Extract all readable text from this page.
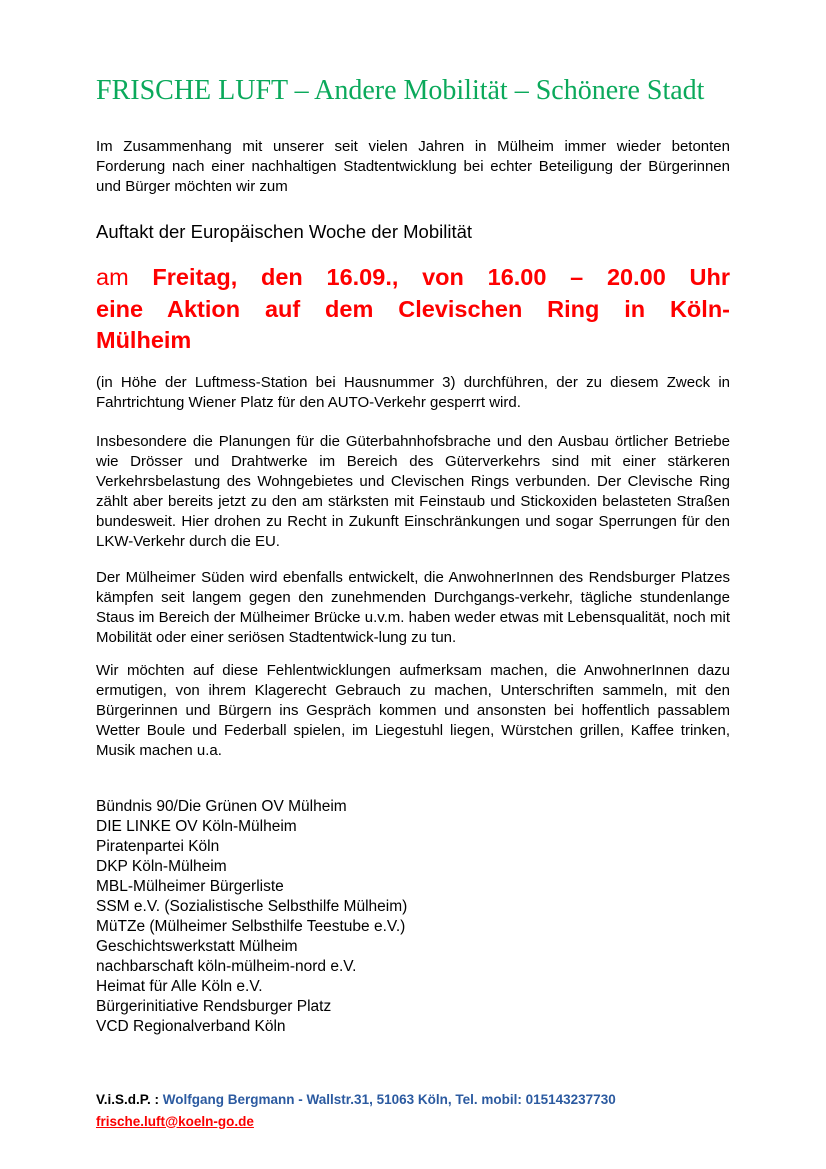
FRISCHE LUFT – Andere Mobilität – Schönere Stadt

Im Zusammenhang mit unserer seit vielen Jahren in Mülheim immer wieder betonten Forderung nach einer nachhaltigen Stadtentwicklung bei echter Beteiligung der Bürgerinnen und Bürger möchten wir zum

Auftakt der Europäischen Woche der Mobilität
am Freitag, den 16.09., von 16.00 – 20.00 Uhr
eine Aktion auf dem Clevischen Ring in Köln-
Mülheim

(in Höhe der Luftmess-Station bei Hausnummer 3) durchführen, der zu diesem Zweck in Fahrtrichtung Wiener Platz für den AUTO-Verkehr gesperrt wird.

Insbesondere die Planungen für die Güterbahnhofsbrache und den Ausbau örtlicher Betriebe wie Drösser und Drahtwerke im Bereich des Güterverkehrs sind mit einer stärkeren Verkehrsbelastung des Wohngebietes und Clevischen Rings verbunden. Der Clevische Ring zählt aber bereits jetzt zu den am stärksten mit Feinstaub und Stickoxiden belasteten Straßen bundesweit. Hier drohen zu Recht in Zukunft Einschränkungen und sogar Sperrungen für den LKW-Verkehr durch die EU.

Der Mülheimer Süden wird ebenfalls entwickelt, die AnwohnerInnen des Rendsburger Platzes kämpfen seit langem gegen den zunehmenden Durchgangs-verkehr, tägliche stundenlange Staus im Bereich der Mülheimer Brücke u.v.m. haben weder etwas mit Lebensqualität, noch mit Mobilität oder einer seriösen Stadtentwick-lung zu tun.

Wir möchten auf diese Fehlentwicklungen aufmerksam machen, die AnwohnerInnen dazu ermutigen, von ihrem Klagerecht Gebrauch zu machen, Unterschriften sammeln, mit den Bürgerinnen und Bürgern ins Gespräch kommen und ansonsten bei hoffentlich passablem Wetter Boule und Federball spielen, im Liegestuhl liegen, Würstchen grillen, Kaffee trinken, Musik machen u.a.

Bündnis 90/Die Grünen OV Mülheim
DIE LINKE OV Köln-Mülheim
Piratenpartei Köln
DKP Köln-Mülheim
MBL-Mülheimer Bürgerliste
SSM e.V. (Sozialistische Selbsthilfe Mülheim)
MüTZe (Mülheimer Selbsthilfe Teestube e.V.)
Geschichtswerkstatt Mülheim
nachbarschaft köln-mülheim-nord e.V.
Heimat für Alle Köln e.V.
Bürgerinitiative Rendsburger Platz
VCD Regionalverband Köln
V.i.S.d.P. : Wolfgang Bergmann - Wallstr.31, 51063 Köln, Tel. mobil: 015143237730
frische.luft@koeln-go.de
